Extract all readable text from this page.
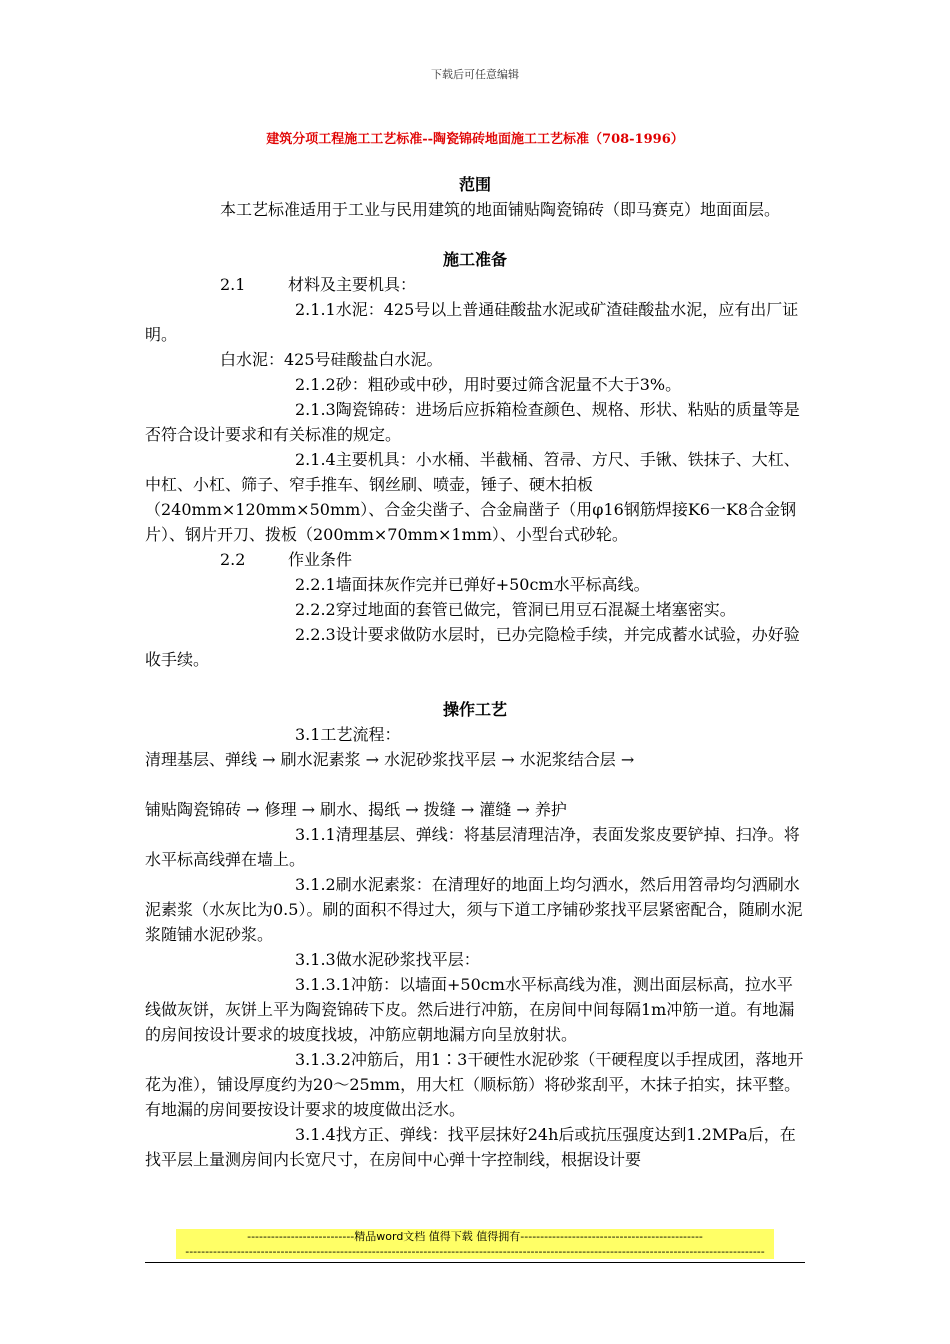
下载后可任意编辑
建筑分项工程施工工艺标准--陶瓷锦砖地面施工工艺标准（708-1996）
范围

本工艺标准适用于工业与民用建筑的地面铺贴陶瓷锦砖（即马赛克）地面面层。

施工准备

2.1	材料及主要机具：

2.1.1水泥：425号以上普通硅酸盐水泥或矿渣硅酸盐水泥，应有出厂证明。

白水泥：425号硅酸盐白水泥。

2.1.2砂：粗砂或中砂，用时要过筛含泥量不大于3%。

2.1.3陶瓷锦砖：进场后应拆箱检查颜色、规格、形状、粘贴的质量等是否符合设计要求和有关标准的规定。

2.1.4主要机具：小水桶、半截桶、笤帚、方尺、手锹、铁抹子、大杠、中杠、小杠、筛子、窄手推车、钢丝刷、喷壶，锤子、硬木拍板（240mm×120mm×50mm）、合金尖凿子、合金扁凿子（用φ16钢筋焊接K6一K8合金钢片）、钢片开刀、拨板（200mm×70mm×1mm）、小型台式砂轮。

2.2	作业条件

2.2.1墙面抹灰作完并已弹好+50cm水平标高线。

2.2.2穿过地面的套管已做完，管洞已用豆石混凝土堵塞密实。

2.2.3设计要求做防水层时，已办完隐检手续，并完成蓄水试验，办好验收手续。

操作工艺

3.1工艺流程：

清理基层、弹线 → 刷水泥素浆 → 水泥砂浆找平层 → 水泥浆结合层 →

铺贴陶瓷锦砖 → 修理 → 刷水、揭纸 → 拨缝 → 灌缝 → 养护

3.1.1清理基层、弹线：将基层清理洁净，表面发浆皮要铲掉、扫净。将水平标高线弹在墙上。

3.1.2刷水泥素浆：在清理好的地面上均匀洒水，然后用笤帚均匀洒刷水泥素浆（水灰比为0.5）。刷的面积不得过大，须与下道工序铺砂浆找平层紧密配合，随刷水泥浆随铺水泥砂浆。

3.1.3做水泥砂浆找平层：

3.1.3.1冲筋：以墙面+50cm水平标高线为准，测出面层标高，拉水平线做灰饼，灰饼上平为陶瓷锦砖下皮。然后进行冲筋，在房间中间每隔1m冲筋一道。有地漏的房间按设计要求的坡度找坡，冲筋应朝地漏方向呈放射状。

3.1.3.2冲筋后，用1∶3干硬性水泥砂浆（干硬程度以手捏成团，落地开花为准），铺设厚度约为20～25mm，用大杠（顺标筋）将砂浆刮平，木抹子拍实，抹平整。有地漏的房间要按设计要求的坡度做出泛水。

3.1.4找方正、弹线：找平层抹好24h后或抗压强度达到1.2MPa后，在找平层上量测房间内长宽尺寸，在房间中心弹十字控制线，根据设计要

---------------------------精品word文档 值得下载 值得拥有----------------------------------------------
--------------------------------------------------------------------------------------------------------------------------------------------------
